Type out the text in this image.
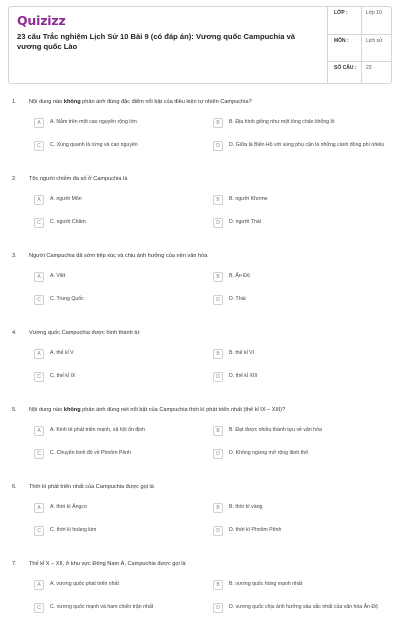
Quizizz
23 câu Trắc nghiệm Lịch Sử 10 Bài 9 (có đáp án): Vương quốc Campuchia và vương quốc Lào
LỚP :	Lớp 10
MÔN :	Lịch sử
SỐ CÂU :	23
1.	Nội dung nào không phản ánh đúng đặc điểm nổi bật của điều kiện tự nhiên Campuchia?
A	A. Nằm trên một cao nguyên rộng lớn	B	B. Địa hình giống như một lòng chảo khổng lồ
C	C. Xung quanh là rừng và cao nguyên	D	D. Giữa là Biển Hồ với vùng phụ cận là những cánh đồng phì nhiêu
2.	Tộc người chiếm đa số ở Campuchia là
A	A. người Môn	B	B. người Khơme
C	C. người Chăm	D	D. người Thái
3.	Người Campuchia đã sớm tiếp xúc và chịu ảnh hưởng của nền văn hóa
A	A. Việt	B	B. Ấn Độ
C	C. Trung Quốc	D	D. Thái
4.	Vương quốc Campuchia được hình thành từ
A	A. thế kỉ V	B	B. thế kỉ VI
C	C. thế kỉ IX	D	D. thế kỉ XIII
5.	Nội dung nào không phản ánh đúng nét nổi bật của Campuchia thời kì phát triển nhất (thế kỉ IX – XIII)?
A	A. Kinh tế phát triển mạnh, xã hội ổn định	B	B. Đạt được nhiều thành tựu về văn hóa
C	C. Chuyển kinh đô về Phnôm Pênh	D	D. Không ngừng mở rộng lãnh thổ
6.	Thời kì phát triển nhất của Campuchia được gọi là
A	A. thời kì Ăngco	B	B. thời kì vàng
C	C. thời kì hoàng kim	D	D. thời kì Phnôm Pênh
7.	Thế kỉ X – XII, ở khu vực Đông Nam Á, Campuchia được gọi là
A	A. vương quốc phát triển nhất	B	B. vương quốc hùng mạnh nhất
C	C. vương quốc mạnh và ham chiến trận nhất	D	D. vương quốc chịu ảnh hưởng sâu sắc nhất của văn hóa Ấn Độ
